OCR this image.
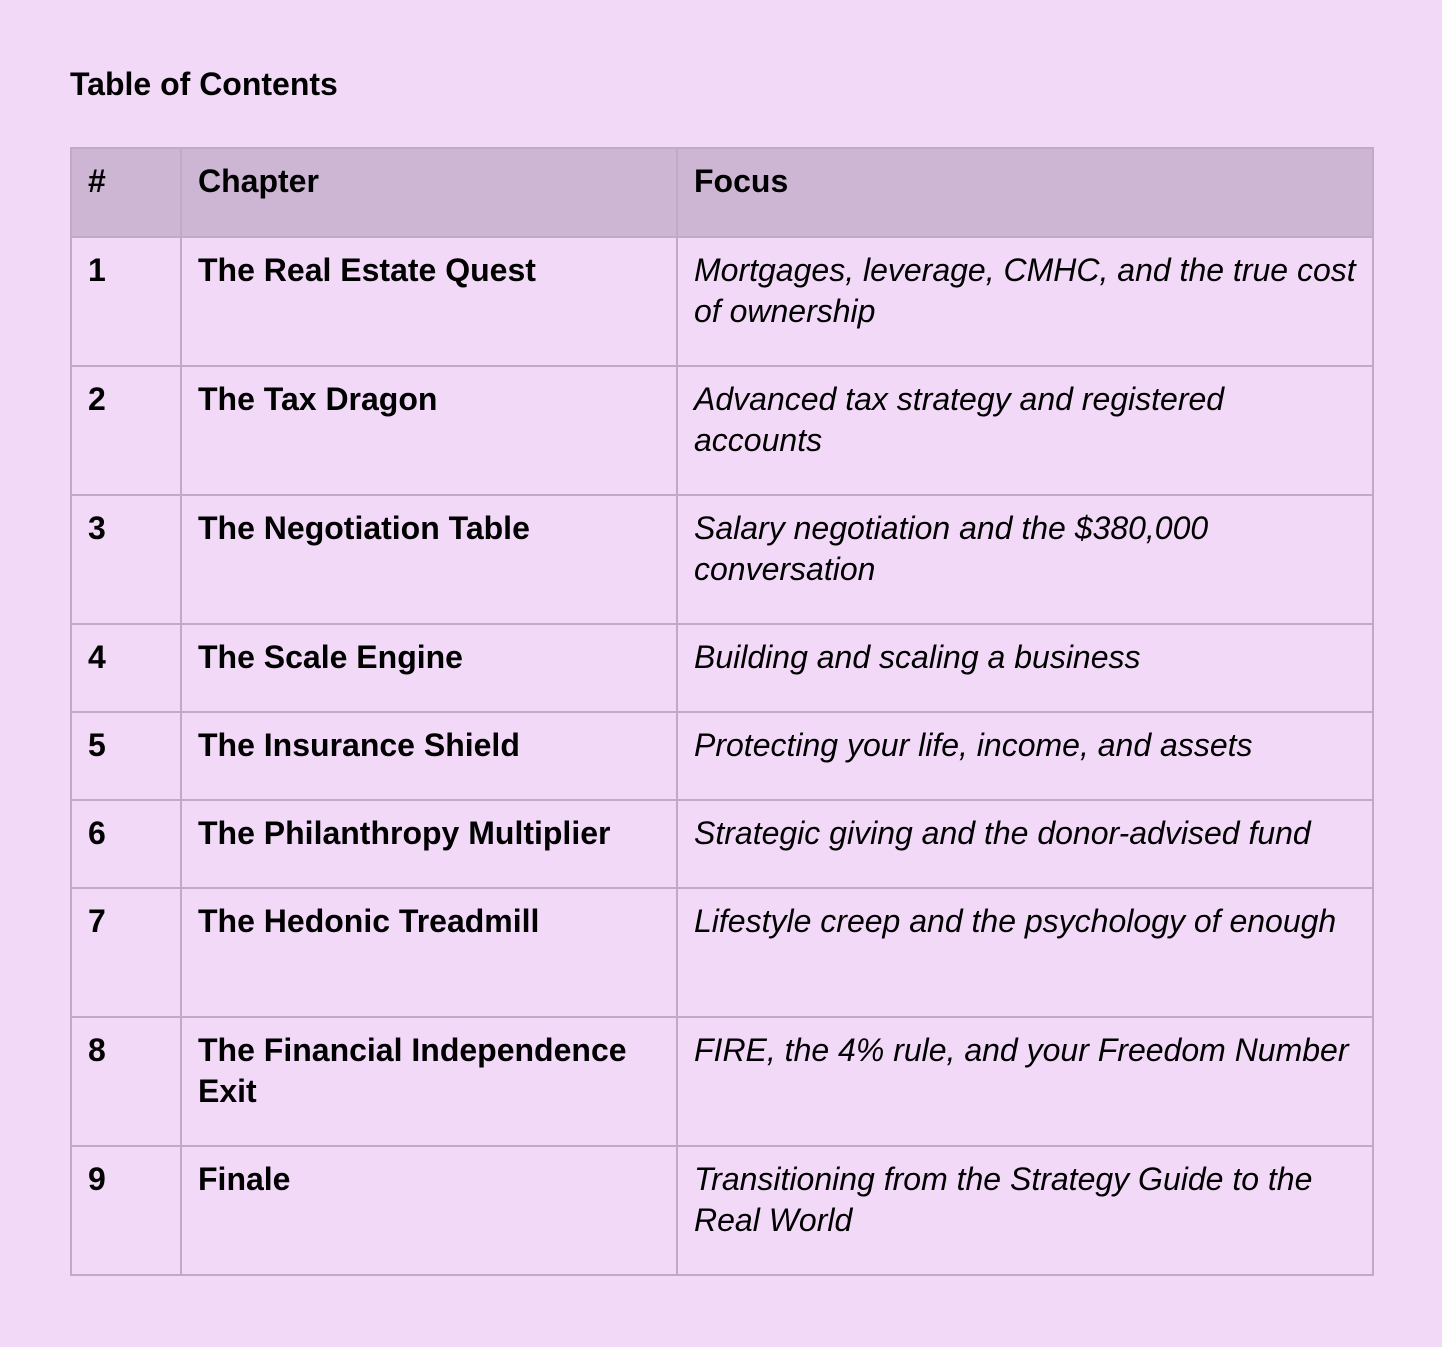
Table of Contents
#	Chapter	Focus
1	The Real Estate Quest	Mortgages, leverage, CMHC, and the true cost of ownership
2	The Tax Dragon	Advanced tax strategy and registered accounts
3	The Negotiation Table	Salary negotiation and the $380,000 conversation
4	The Scale Engine	Building and scaling a business
5	The Insurance Shield	Protecting your life, income, and assets
6	The Philanthropy Multiplier	Strategic giving and the donor-advised fund
7	The Hedonic Treadmill	Lifestyle creep and the psychology of enough
8	The Financial Independence Exit	FIRE, the 4% rule, and your Freedom Number
9	Finale	Transitioning from the Strategy Guide to the Real World
